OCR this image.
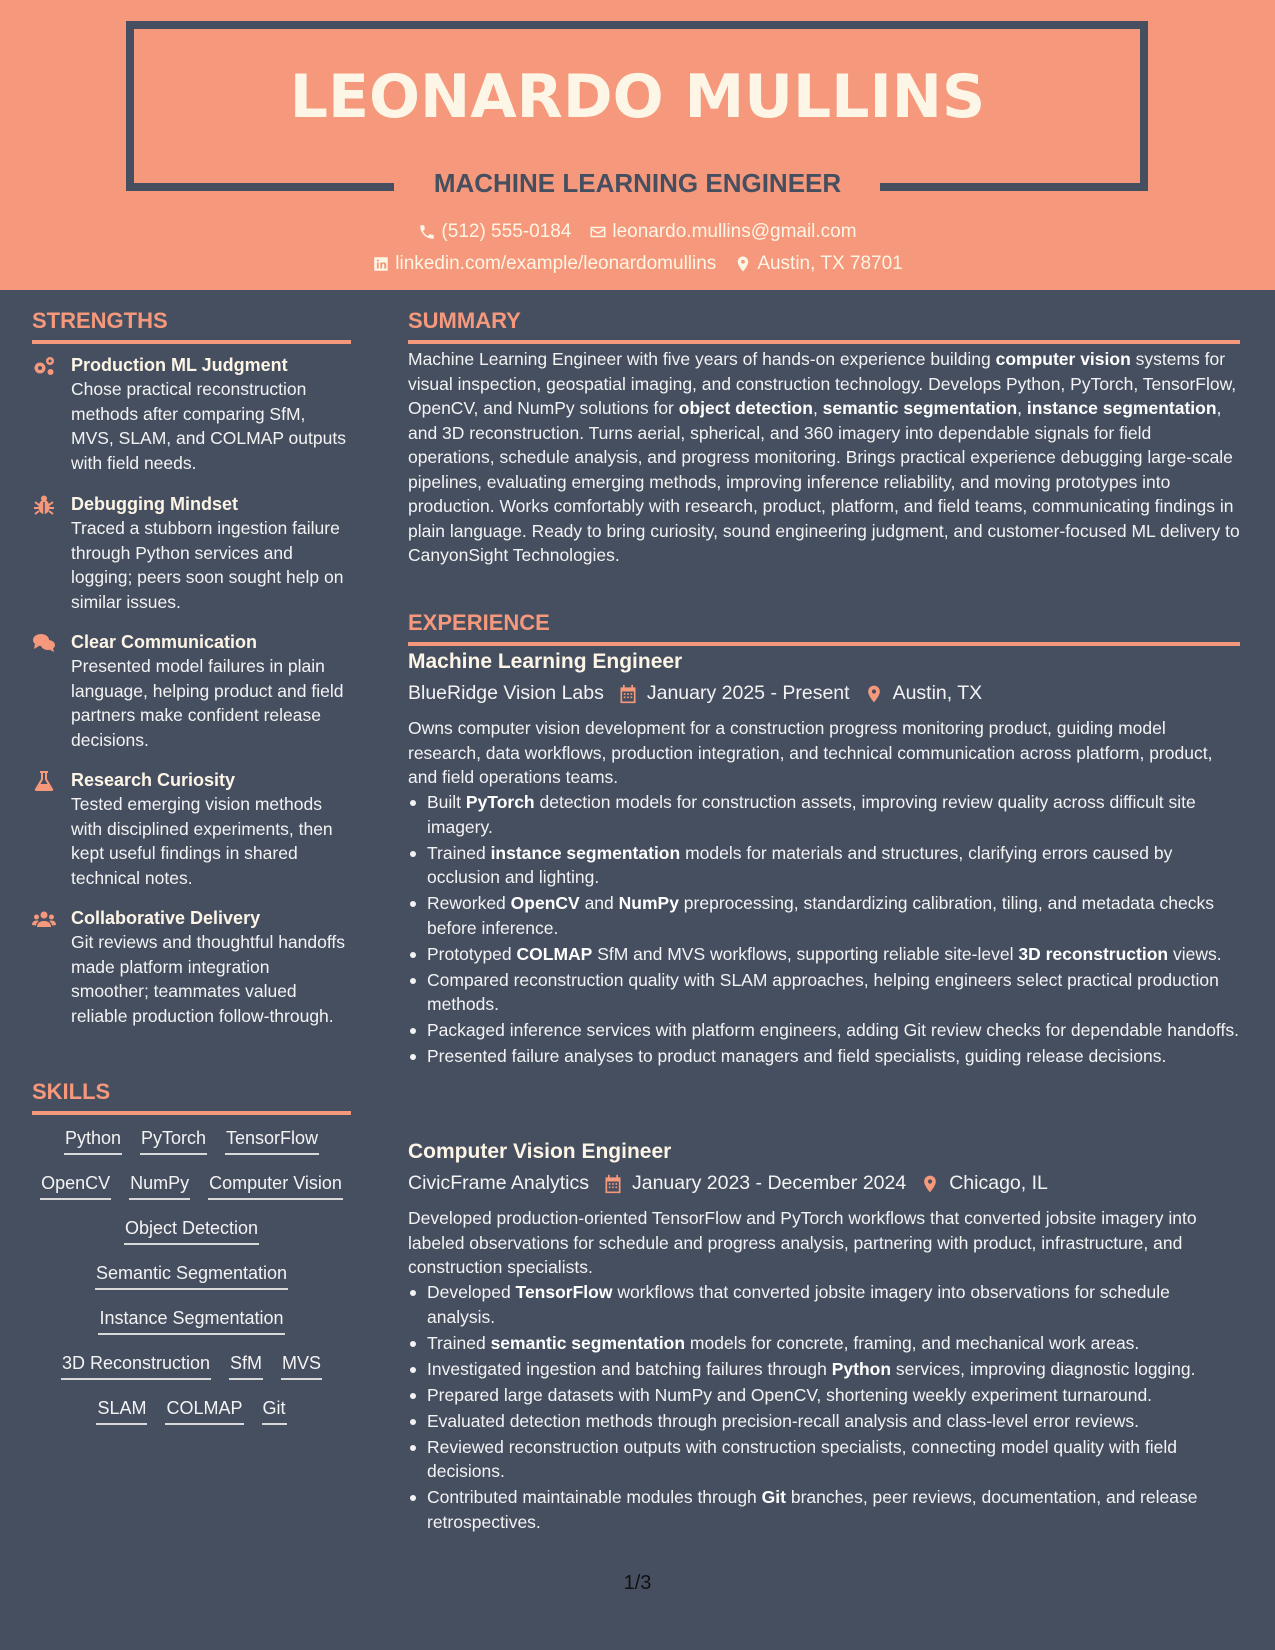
LEONARDO MULLINS
MACHINE LEARNING ENGINEER
(512) 555-0184 leonardo.mullins@gmail.com
linkedin.com/example/leonardomullins Austin, TX 78701
STRENGTHS
Production ML Judgment
Chose practical reconstruction methods after comparing SfM, MVS, SLAM, and COLMAP outputs with field needs.
Debugging Mindset
Traced a stubborn ingestion failure through Python services and logging; peers soon sought help on similar issues.
Clear Communication
Presented model failures in plain language, helping product and field partners make confident release decisions.
Research Curiosity
Tested emerging vision methods with disciplined experiments, then kept useful findings in shared technical notes.
Collaborative Delivery
Git reviews and thoughtful handoffs made platform integration smoother; teammates valued reliable production follow-through.
SKILLS
Python PyTorch TensorFlow
OpenCV NumPy Computer Vision
Object Detection
Semantic Segmentation
Instance Segmentation
3D Reconstruction SfM MVS
SLAM COLMAP Git
SUMMARY
Machine Learning Engineer with five years of hands-on experience building computer vision systems for visual inspection, geospatial imaging, and construction technology. Develops Python, PyTorch, TensorFlow, OpenCV, and NumPy solutions for object detection, semantic segmentation, instance segmentation, and 3D reconstruction. Turns aerial, spherical, and 360 imagery into dependable signals for field operations, schedule analysis, and progress monitoring. Brings practical experience debugging large-scale pipelines, evaluating emerging methods, improving inference reliability, and moving prototypes into production. Works comfortably with research, product, platform, and field teams, communicating findings in plain language. Ready to bring curiosity, sound engineering judgment, and customer-focused ML delivery to CanyonSight Technologies.
EXPERIENCE
Machine Learning Engineer
BlueRidge Vision Labs January 2025 - Present Austin, TX
Owns computer vision development for a construction progress monitoring product, guiding model research, data workflows, production integration, and technical communication across platform, product, and field operations teams.
Built PyTorch detection models for construction assets, improving review quality across difficult site imagery.
Trained instance segmentation models for materials and structures, clarifying errors caused by occlusion and lighting.
Reworked OpenCV and NumPy preprocessing, standardizing calibration, tiling, and metadata checks before inference.
Prototyped COLMAP SfM and MVS workflows, supporting reliable site-level 3D reconstruction views.
Compared reconstruction quality with SLAM approaches, helping engineers select practical production methods.
Packaged inference services with platform engineers, adding Git review checks for dependable handoffs.
Presented failure analyses to product managers and field specialists, guiding release decisions.
Computer Vision Engineer
CivicFrame Analytics January 2023 - December 2024 Chicago, IL
Developed production-oriented TensorFlow and PyTorch workflows that converted jobsite imagery into labeled observations for schedule and progress analysis, partnering with product, infrastructure, and construction specialists.
Developed TensorFlow workflows that converted jobsite imagery into observations for schedule analysis.
Trained semantic segmentation models for concrete, framing, and mechanical work areas.
Investigated ingestion and batching failures through Python services, improving diagnostic logging.
Prepared large datasets with NumPy and OpenCV, shortening weekly experiment turnaround.
Evaluated detection methods through precision-recall analysis and class-level error reviews.
Reviewed reconstruction outputs with construction specialists, connecting model quality with field decisions.
Contributed maintainable modules through Git branches, peer reviews, documentation, and release retrospectives.
1/3
